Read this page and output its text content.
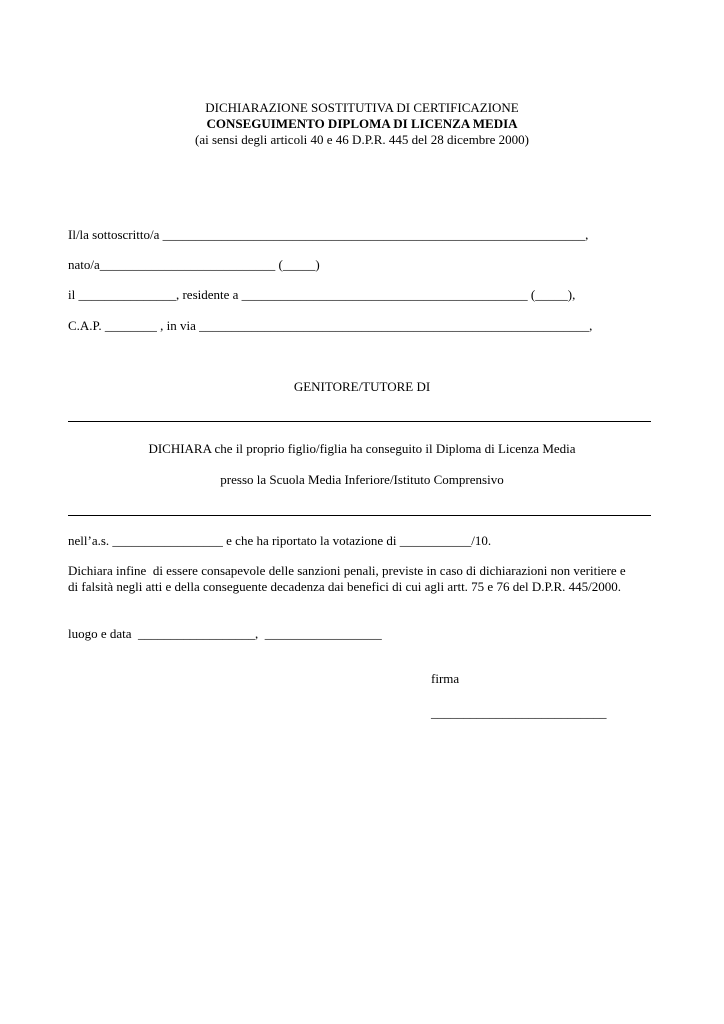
DICHIARAZIONE SOSTITUTIVA DI CERTIFICAZIONE
CONSEGUIMENTO DIPLOMA DI LICENZA MEDIA
(ai sensi degli articoli 40 e 46 D.P.R. 445 del 28 dicembre 2000)
Il/la sottoscritto/a _________________________________________________________________,
nato/a___________________________ (_____)
il _______________, residente a ____________________________________________ (_____),
C.A.P. ________ , in via ____________________________________________________________,
GENITORE/TUTORE DI
DICHIARA che il proprio figlio/figlia ha conseguito il Diploma di Licenza Media
presso la Scuola Media Inferiore/Istituto Comprensivo
nell’a.s. _________________ e che ha riportato la votazione di ___________/10.
Dichiara infine  di essere consapevole delle sanzioni penali, previste in caso di dichiarazioni non veritiere e
di falsità negli atti e della conseguente decadenza dai benefici di cui agli artt. 75 e 76 del D.P.R. 445/2000.
luogo e data  __________________,  __________________
firma
___________________________
